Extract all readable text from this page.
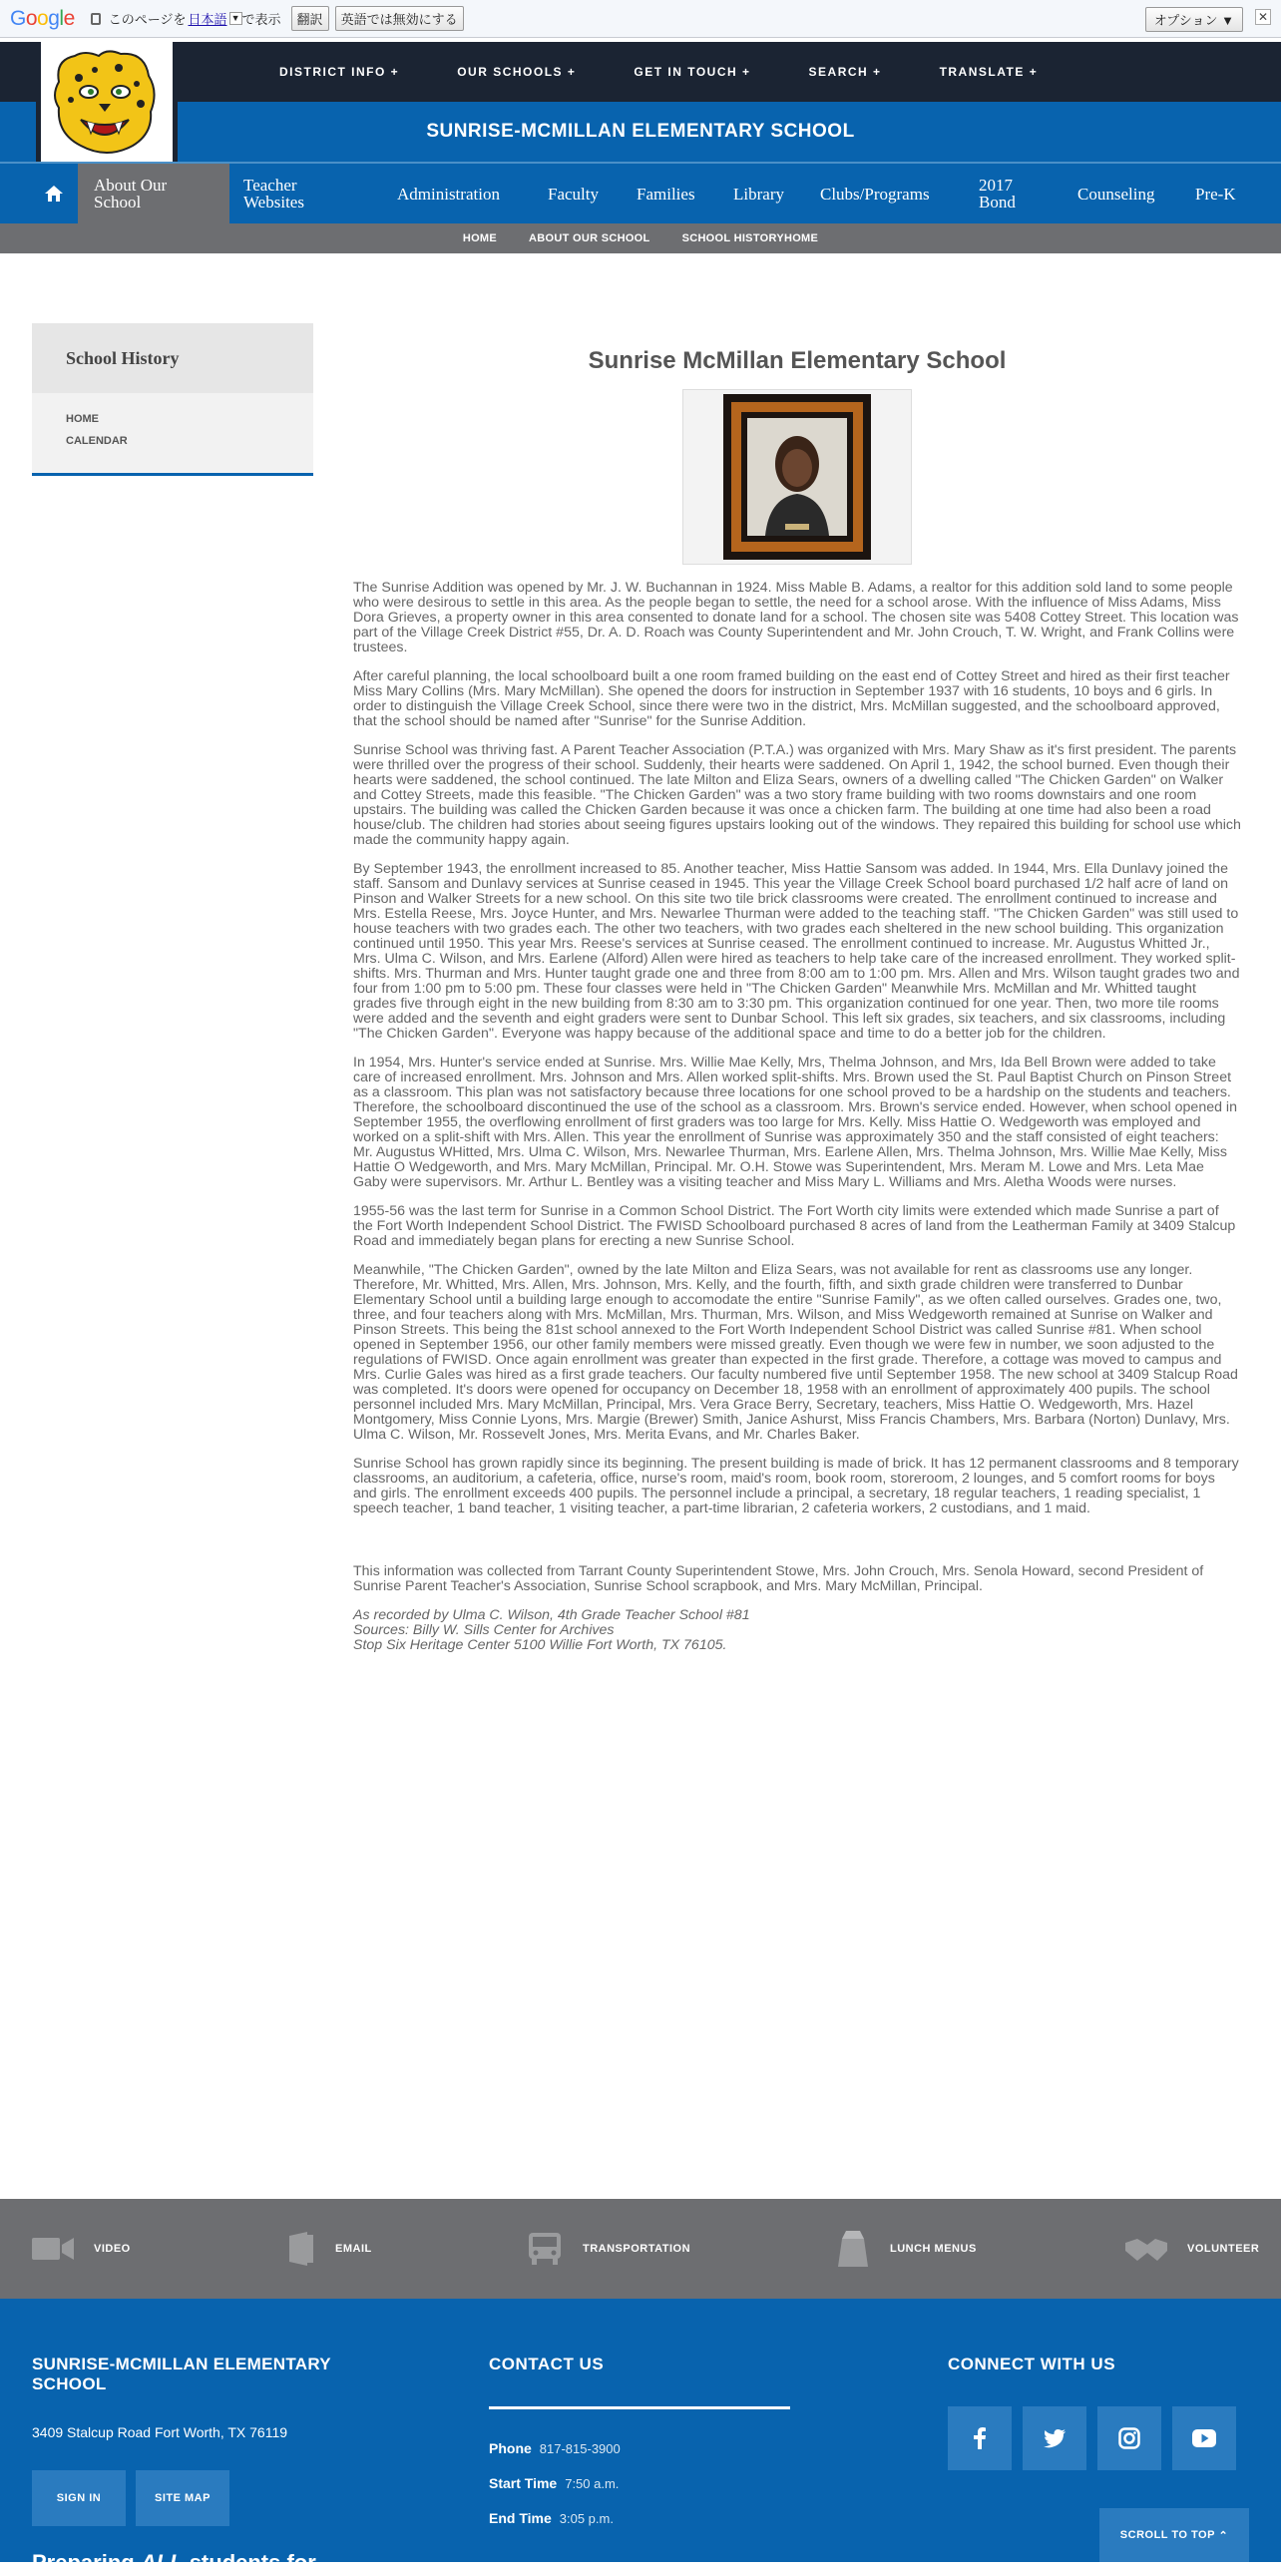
Google	このページを 日本語 ▼ で表示	翻訳	英語では無効にする	オプション ▼	✕
DISTRICT INFO +	OUR SCHOOLS +	GET IN TOUCH +	SEARCH +	TRANSLATE +
SUNRISE-MCMILLAN ELEMENTARY SCHOOL
About Our School
Teacher Websites	Administration	Faculty Families Library Clubs/Programs	2017 Bond	Counseling Pre-K
HOME	ABOUT OUR SCHOOL	SCHOOL HISTORYHOME
School History
HOME
CALENDAR
Sunrise McMillan Elementary School

The Sunrise Addition was opened by Mr. J. W. Buchannan in 1924. Miss Mable B. Adams, a realtor for this addition sold land to some people who were desirous to settle in this area. As the people began to settle, the need for a school arose. With the influence of Miss Adams, Miss Dora Grieves, a property owner in this area consented to donate land for a school. The chosen site was 5408 Cottey Street. This location was part of the Village Creek District #55, Dr. A. D. Roach was County Superintendent and Mr. John Crouch, T. W. Wright, and Frank Collins were trustees.

After careful planning, the local schoolboard built a one room framed building on the east end of Cottey Street and hired as their first teacher Miss Mary Collins (Mrs. Mary McMillan). She opened the doors for instruction in September 1937 with 16 students, 10 boys and 6 girls. In order to distinguish the Village Creek School, since there were two in the district, Mrs. McMillan suggested, and the schoolboard approved, that the school should be named after "Sunrise" for the Sunrise Addition.

Sunrise School was thriving fast. A Parent Teacher Association (P.T.A.) was organized with Mrs. Mary Shaw as it's first president. The parents were thrilled over the progress of their school. Suddenly, their hearts were saddened. On April 1, 1942, the school burned. Even though their hearts were saddened, the school continued. The late Milton and Eliza Sears, owners of a dwelling called "The Chicken Garden" on Walker and Cottey Streets, made this feasible. "The Chicken Garden" was a two story frame building with two rooms downstairs and one room upstairs. The building was called the Chicken Garden because it was once a chicken farm. The building at one time had also been a road house/club. The children had stories about seeing figures upstairs looking out of the windows. They repaired this building for school use which made the community happy again.

By September 1943, the enrollment increased to 85. Another teacher, Miss Hattie Sansom was added. In 1944, Mrs. Ella Dunlavy joined the staff. Sansom and Dunlavy services at Sunrise ceased in 1945. This year the Village Creek School board purchased 1/2 half acre of land on Pinson and Walker Streets for a new school. On this site two tile brick classrooms were created. The enrollment continued to increase and Mrs. Estella Reese, Mrs. Joyce Hunter, and Mrs. Newarlee Thurman were added to the teaching staff. "The Chicken Garden" was still used to house teachers with two grades each. The other two teachers, with two grades each sheltered in the new school building. This organization continued until 1950. This year Mrs. Reese's services at Sunrise ceased. The enrollment continued to increase. Mr. Augustus Whitted Jr., Mrs. Ulma C. Wilson, and Mrs. Earlene (Alford) Allen were hired as teachers to help take care of the increased enrollment. They worked split-shifts. Mrs. Thurman and Mrs. Hunter taught grade one and three from 8:00 am to 1:00 pm. Mrs. Allen and Mrs. Wilson taught grades two and four from 1:00 pm to 5:00 pm. These four classes were held in "The Chicken Garden" Meanwhile Mrs. McMillan and Mr. Whitted taught grades five through eight in the new building from 8:30 am to 3:30 pm. This organization continued for one year. Then, two more tile rooms were added and the seventh and eight graders were sent to Dunbar School. This left six grades, six teachers, and six classrooms, including "The Chicken Garden". Everyone was happy because of the additional space and time to do a better job for the children.

In 1954, Mrs. Hunter's service ended at Sunrise. Mrs. Willie Mae Kelly, Mrs, Thelma Johnson, and Mrs, Ida Bell Brown were added to take care of increased enrollment. Mrs. Johnson and Mrs. Allen worked split-shifts. Mrs. Brown used the St. Paul Baptist Church on Pinson Street as a classroom. This plan was not satisfactory because three locations for one school proved to be a hardship on the students and teachers. Therefore, the schoolboard discontinued the use of the school as a classroom. Mrs. Brown's service ended. However, when school opened in September 1955, the overflowing enrollment of first graders was too large for Mrs. Kelly. Miss Hattie O. Wedgeworth was employed and worked on a split-shift with Mrs. Allen. This year the enrollment of Sunrise was approximately 350 and the staff consisted of eight teachers: Mr. Augustus WHitted, Mrs. Ulma C. Wilson, Mrs. Newarlee Thurman, Mrs. Earlene Allen, Mrs. Thelma Johnson, Mrs. Willie Mae Kelly, Miss Hattie O Wedgeworth, and Mrs. Mary McMillan, Principal. Mr. O.H. Stowe was Superintendent, Mrs. Meram M. Lowe and Mrs. Leta Mae Gaby were supervisors. Mr. Arthur L. Bentley was a visiting teacher and Miss Mary L. Williams and Mrs. Aletha Woods were nurses.

1955-56 was the last term for Sunrise in a Common School District. The Fort Worth city limits were extended which made Sunrise a part of the Fort Worth Independent School District. The FWISD Schoolboard purchased 8 acres of land from the Leatherman Family at 3409 Stalcup Road and immediately began plans for erecting a new Sunrise School.

Meanwhile, "The Chicken Garden", owned by the late Milton and Eliza Sears, was not available for rent as classrooms use any longer. Therefore, Mr. Whitted, Mrs. Allen, Mrs. Johnson, Mrs. Kelly, and the fourth, fifth, and sixth grade children were transferred to Dunbar Elementary School until a building large enough to accomodate the entire "Sunrise Family", as we often called ourselves. Grades one, two, three, and four teachers along with Mrs. McMillan, Mrs. Thurman, Mrs. Wilson, and Miss Wedgeworth remained at Sunrise on Walker and Pinson Streets. This being the 81st school annexed to the Fort Worth Independent School District was called Sunrise #81. When school opened in September 1956, our other family members were missed greatly. Even though we were few in number, we soon adjusted to the regulations of FWISD. Once again enrollment was greater than expected in the first grade. Therefore, a cottage was moved to campus and Mrs. Curlie Gales was hired as a first grade teachers. Our faculty numbered five until September 1958. The new school at 3409 Stalcup Road was completed. It's doors were opened for occupancy on December 18, 1958 with an enrollment of approximately 400 pupils. The school personnel included Mrs. Mary McMillan, Principal, Mrs. Vera Grace Berry, Secretary, teachers, Miss Hattie O. Wedgeworth, Mrs. Hazel Montgomery, Miss Connie Lyons, Mrs. Margie (Brewer) Smith, Janice Ashurst, Miss Francis Chambers, Mrs. Barbara (Norton) Dunlavy, Mrs. Ulma C. Wilson, Mr. Rossevelt Jones, Mrs. Merita Evans, and Mr. Charles Baker.

Sunrise School has grown rapidly since its beginning. The present building is made of brick. It has 12 permanent classrooms and 8 temporary classrooms, an auditorium, a cafeteria, office, nurse's room, maid's room, book room, storeroom, 2 lounges, and 5 comfort rooms for boys and girls. The enrollment exceeds 400 pupils. The personnel include a principal, a secretary, 18 regular teachers, 1 reading specialist, 1 speech teacher, 1 band teacher, 1 visiting teacher, a part-time librarian, 2 cafeteria workers, 2 custodians, and 1 maid.

This information was collected from Tarrant County Superintendent Stowe, Mrs. John Crouch, Mrs. Senola Howard, second President of Sunrise Parent Teacher's Association, Sunrise School scrapbook, and Mrs. Mary McMillan, Principal.

As recorded by Ulma C. Wilson, 4th Grade Teacher School #81
Sources: Billy W. Sills Center for Archives
Stop Six Heritage Center 5100 Willie Fort Worth, TX 76105.

VIDEO	EMAIL	TRANSPORTATION	LUNCH MENUS	VOLUNTEER
SUNRISE-MCMILLAN ELEMENTARY SCHOOL
3409 Stalcup Road Fort Worth, TX 76119
SIGN IN	SITE MAP
Preparing ALL students for
CONTACT US
Phone 817-815-3900
Start Time 7:50 a.m.
End Time 3:05 p.m.
CONNECT WITH US
SCROLL TO TOP
⌃
